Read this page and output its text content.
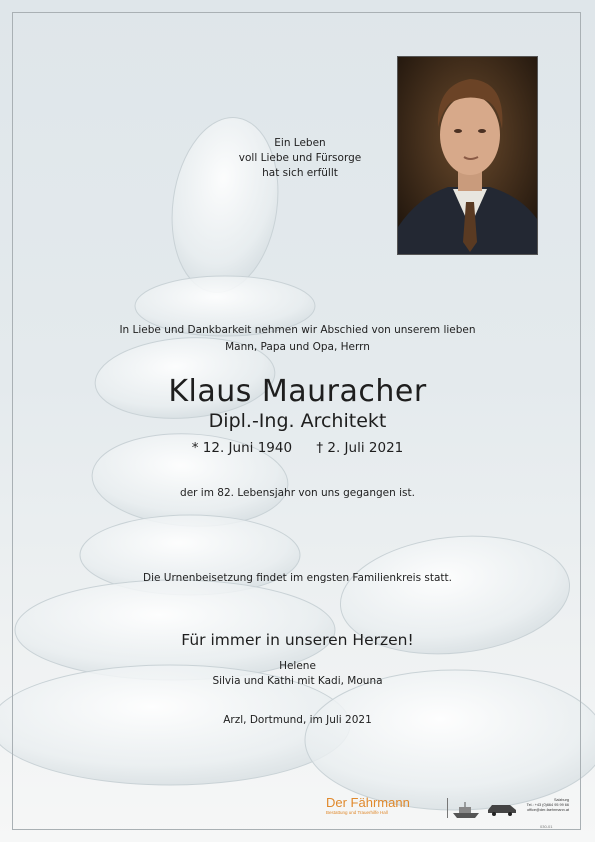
Ein Leben
voll Liebe und Fürsorge
hat sich erfüllt
In Liebe und Dankbarkeit nehmen wir Abschied von unserem lieben
Mann, Papa und Opa, Herrn
Klaus Mauracher
Dipl.-Ing. Architekt
* 12. Juni 1940 † 2. Juli 2021
der im 82. Lebensjahr von uns gegangen ist.
Die Urnenbeisetzung findet im engsten Familienkreis statt.
Für immer in unseren Herzen!
Helene
Silvia und Kathi mit Kadi, Mouna
Arzl, Dortmund, im Juli 2021
Der Fährmann
Bestattung und Trauerhilfe Hall
Salzburg
Tel.: +43 (0)664 95 99 66
office@der-faehrmann.at
030-01
